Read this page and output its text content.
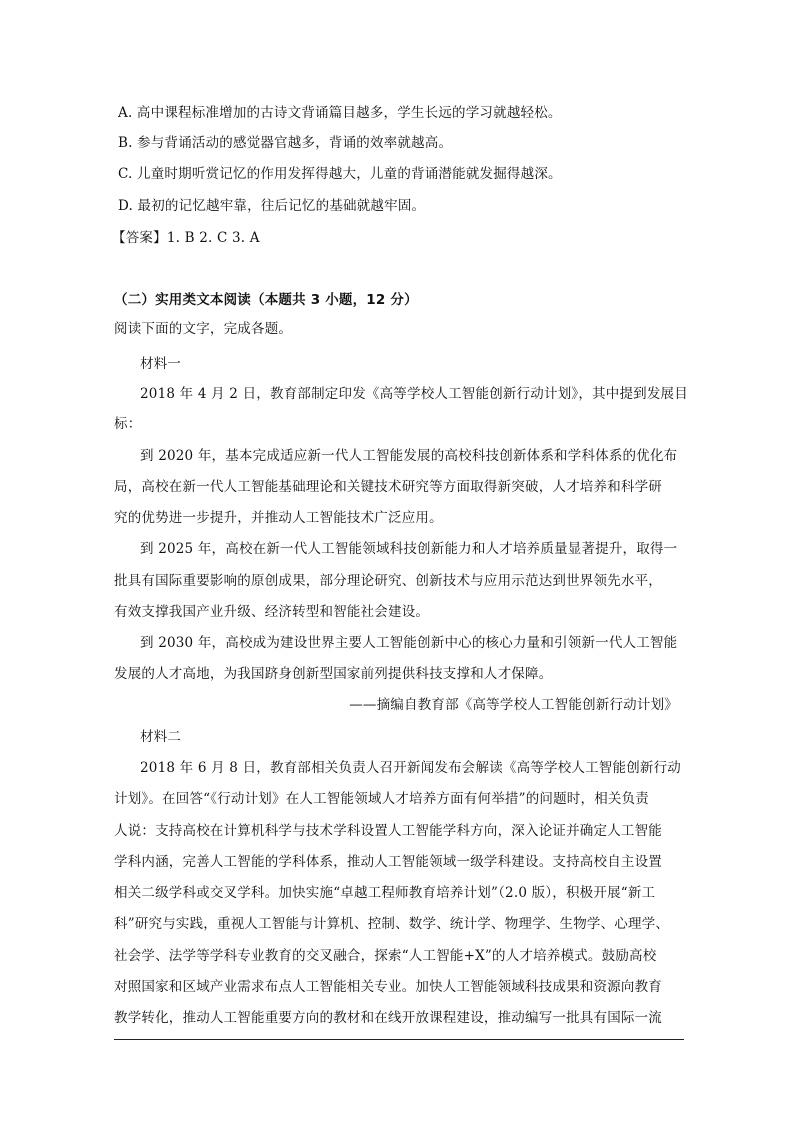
A. 高中课程标准增加的古诗文背诵篇目越多，学生长远的学习就越轻松。
B. 参与背诵活动的感觉器官越多，背诵的效率就越高。
C. 儿童时期听赏记忆的作用发挥得越大，儿童的背诵潜能就发掘得越深。
D. 最初的记忆越牢靠，往后记忆的基础就越牢固。
【答案】1. B 2. C 3. A
（二）实用类文本阅读（本题共 3 小题，12 分）
阅读下面的文字，完成各题。
材料一
2018 年 4 月 2 日，教育部制定印发《高等学校人工智能创新行动计划》，其中提到发展目
标：
到 2020 年，基本完成适应新一代人工智能发展的高校科技创新体系和学科体系的优化布
局，高校在新一代人工智能基础理论和关键技术研究等方面取得新突破，人才培养和科学研
究的优势进一步提升，并推动人工智能技术广泛应用。
到 2025 年，高校在新一代人工智能领域科技创新能力和人才培养质量显著提升，取得一
批具有国际重要影响的原创成果，部分理论研究、创新技术与应用示范达到世界领先水平，
有效支撑我国产业升级、经济转型和智能社会建设。
到 2030 年，高校成为建设世界主要人工智能创新中心的核心力量和引领新一代人工智能
发展的人才高地，为我国跻身创新型国家前列提供科技支撑和人才保障。
——摘编自教育部《高等学校人工智能创新行动计划》
材料二
2018 年 6 月 8 日，教育部相关负责人召开新闻发布会解读《高等学校人工智能创新行动
计划》。在回答“《行动计划》在人工智能领域人才培养方面有何举措”的问题时，相关负责
人说：支持高校在计算机科学与技术学科设置人工智能学科方向，深入论证并确定人工智能
学科内涵，完善人工智能的学科体系，推动人工智能领域一级学科建设。支持高校自主设置
相关二级学科或交叉学科。加快实施“卓越工程师教育培养计划”（2.0 版），积极开展“新工
科”研究与实践，重视人工智能与计算机、控制、数学、统计学、物理学、生物学、心理学、
社会学、法学等学科专业教育的交叉融合，探索“人工智能+X”的人才培养模式。鼓励高校
对照国家和区域产业需求布点人工智能相关专业。加快人工智能领域科技成果和资源向教育
教学转化，推动人工智能重要方向的教材和在线开放课程建设，推动编写一批具有国际一流
